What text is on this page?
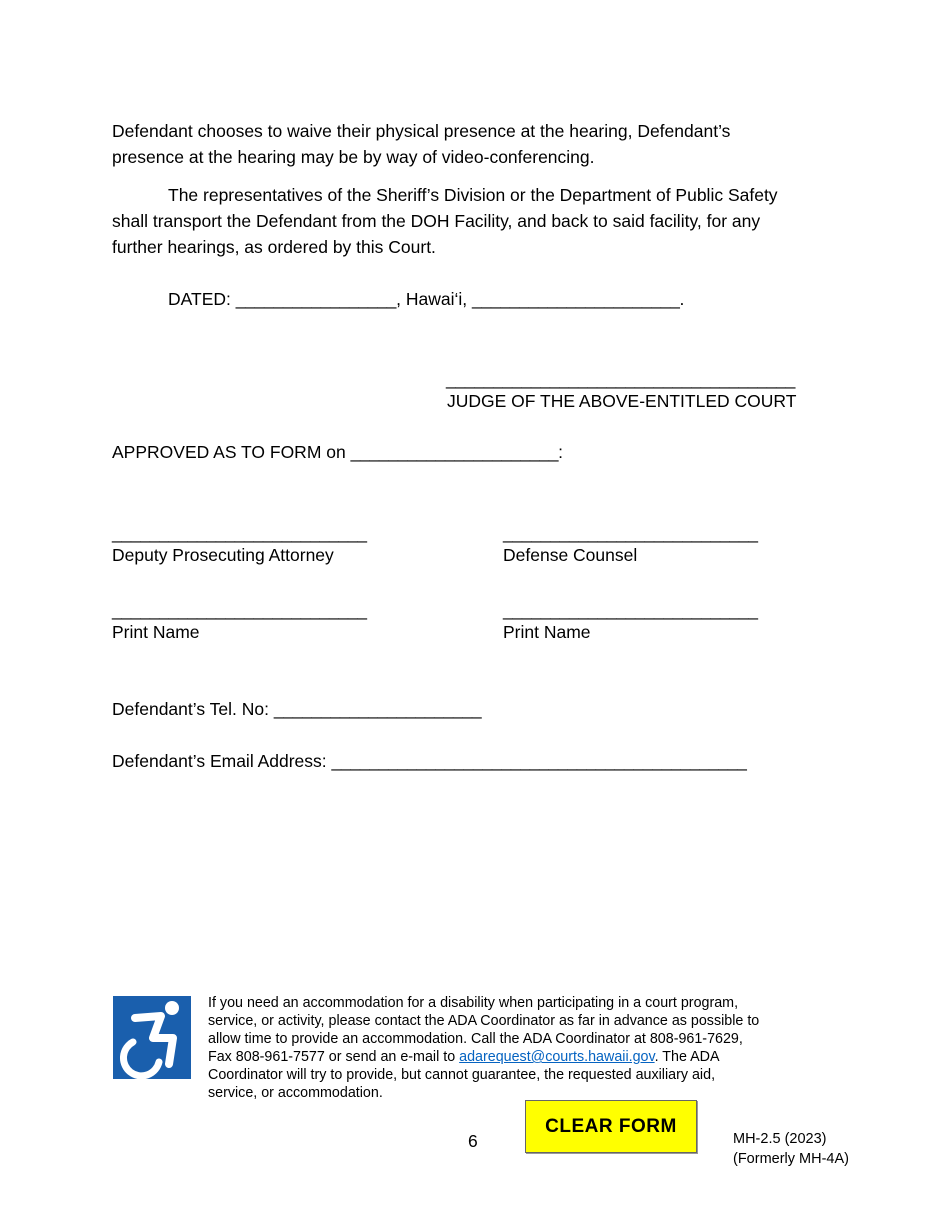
Defendant chooses to waive their physical presence at the hearing, Defendant’s
presence at the hearing may be by way of video-conferencing.
The representatives of the Sheriff’s Division or the Department of Public Safety
shall transport the Defendant from the DOH Facility, and back to said facility, for any
further hearings, as ordered by this Court.
DATED: _________________, Hawai‘i, ______________________.
_____________________________________
JUDGE OF THE ABOVE-ENTITLED COURT
APPROVED AS TO FORM on ______________________:
___________________________	___________________________
Deputy Prosecuting Attorney	Defense Counsel
___________________________	___________________________
Print Name	Print Name
Defendant’s Tel. No: ______________________
Defendant’s Email Address: ____________________________________________
If you need an accommodation for a disability when participating in a court program,
service, or activity, please contact the ADA Coordinator as far in advance as possible to
allow time to provide an accommodation. Call the ADA Coordinator at 808-961-7629,
Fax 808-961-7577 or send an e-mail to adarequest@courts.hawaii.gov. The ADA
Coordinator will try to provide, but cannot guarantee, the requested auxiliary aid,
service, or accommodation.
6
CLEAR FORM
MH-2.5 (2023)
(Formerly MH-4A)
